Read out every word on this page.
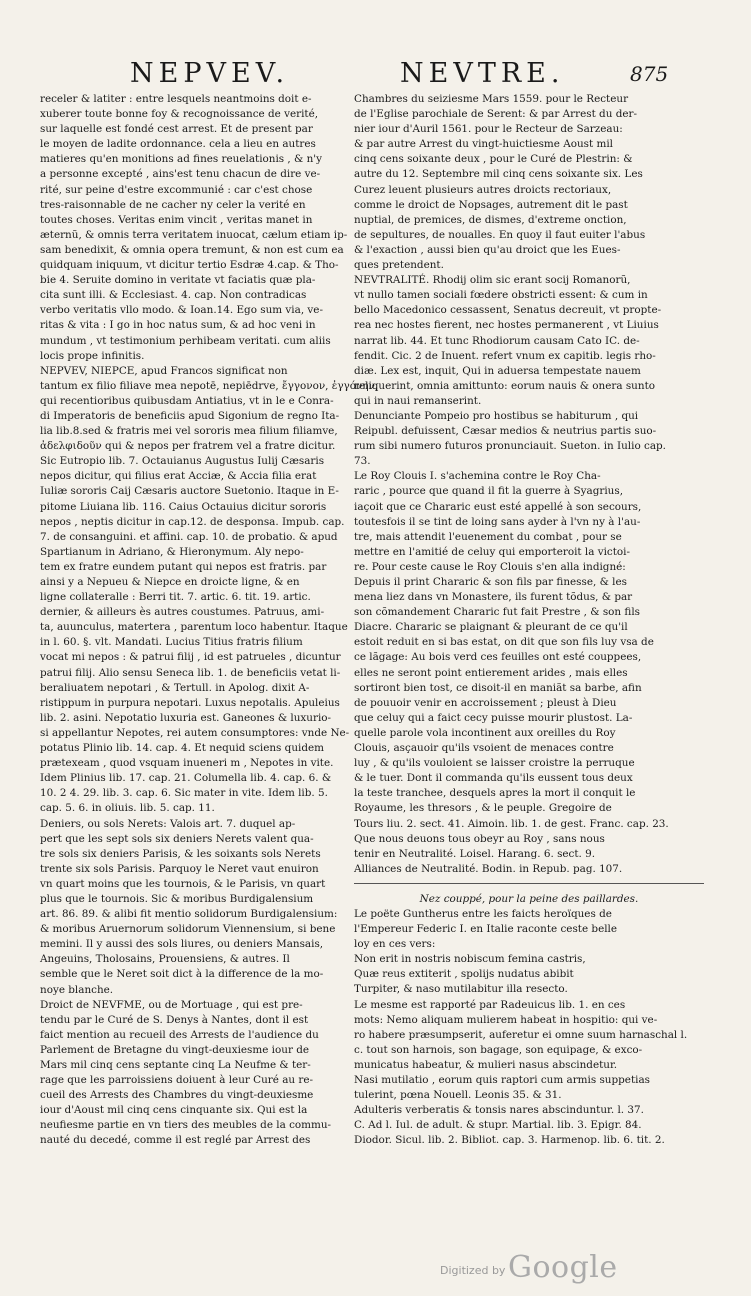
NEPVEV.	NEVTRE.	875
receler & latiter : entre lesquels neantmoins doit e-
xuberer toute bonne foy & recognoissance de verité,
sur laquelle est fondé cest arrest. Et de present par
le moyen de ladite ordonnance. cela a lieu en autres
matieres qu'en monitions ad fines reuelationis , & n'y
a personne excepté , ains'est tenu chacun de dire ve-
rité, sur peine d'estre excommunié : car c'est chose
tres-raisonnable de ne cacher ny celer la verité en
toutes choses. Veritas enim vincit , veritas manet in
æternũ, & omnis terra veritatem inuocat, cælum etiam ip-
sam benedixit, & omnia opera tremunt, & non est cum ea
quidquam iniquum, vt dicitur tertio Esdræ 4.cap. & Tho-
bie 4. Seruite domino in veritate vt faciatis quæ pla-
cita sunt illi. & Ecclesiast. 4. cap. Non contradicas
verbo veritatis vllo modo. & Ioan.14. Ego sum via, ve-
ritas & vita : I go in hoc natus sum, & ad hoc veni in
mundum , vt testimonium perhibeam veritati. cum aliis
locis prope infinitis.
NEPVEV, NIEPCE, apud Francos significat non
tantum ex filio filiave mea nepotē, nepiēdrve, ἔγγονον, ἐγγόνην,
qui recentioribus quibusdam Antiatius, vt in le e Conra-
di Imperatoris de beneficiis apud Sigonium de regno Ita-
lia lib.8.sed & fratris mei vel sororis mea filium filiamve,
ἀδελφιδοῦν qui & nepos per fratrem vel a fratre dicitur.
Sic Eutropio lib. 7. Octauianus Augustus Iulij Cæsaris
nepos dicitur, qui filius erat Acciæ, & Accia filia erat
Iuliæ sororis Caij Cæsaris auctore Suetonio. Itaque in E-
pitome Liuiana lib. 116. Caius Octauius dicitur sororis
nepos , neptis dicitur in cap.12. de desponsa. Impub. cap.
7. de consanguini. et affini. cap. 10. de probatio. & apud
Spartianum in Adriano, & Hieronymum. Aly nepo-
tem ex fratre eundem putant qui nepos est fratris. par
ainsi y a Nepueu & Niepce en droicte ligne, & en
ligne collateralle : Berri tit. 7. artic. 6. tit. 19. artic.
dernier, & ailleurs ès autres coustumes. Patruus, ami-
ta, auunculus, matertera , parentum loco habentur. Itaque
in l. 60. §. vlt. Mandati. Lucius Titius fratris filium
vocat mi nepos : & patrui filij , id est patrueles , dicuntur
patrui filij. Alio sensu Seneca lib. 1. de beneficiis vetat li-
beraliuatem nepotari , & Tertull. in Apolog. dixit A-
ristippum in purpura nepotari. Luxus nepotalis. Apuleius
lib. 2. asini. Nepotatio luxuria est. Ganeones & luxurio-
si appellantur Nepotes, rei autem consumptores: vnde Ne-
potatus Plinio lib. 14. cap. 4. Et nequid sciens quidem
prætexeam , quod vsquam inueneri m , Nepotes in vite.
Idem Plinius lib. 17. cap. 21. Columella lib. 4. cap. 6. &
10. 2 4. 29. lib. 3. cap. 6. Sic mater in vite. Idem lib. 5.
cap. 5. 6. in oliuis. lib. 5. cap. 11.
Deniers, ou sols Nerets: Valois art. 7. duquel ap-
pert que les sept sols six deniers Nerets valent qua-
tre sols six deniers Parisis, & les soixants sols Nerets
trente six sols Parisis. Parquoy le Neret vaut enuiron
vn quart moins que les tournois, & le Parisis, vn quart
plus que le tournois. Sic & moribus Burdigalensium
art. 86. 89. & alibi fit mentio solidorum Burdigalensium:
& moribus Aruernorum solidorum Viennensium, si bene
memini. Il y aussi des sols liures, ou deniers Mansais,
Angeuins, Tholosains, Prouensiens, & autres. Il
semble que le Neret soit dict à la difference de la mo-
noye blanche.
Droict de NEVFME, ou de Mortuage , qui est pre-
tendu par le Curé de S. Denys à Nantes, dont il est
faict mention au recueil des Arrests de l'audience du
Parlement de Bretagne du vingt-deuxiesme iour de
Mars mil cinq cens septante cinq La Neufme & ter-
rage que les parroissiens doiuent à leur Curé au re-
cueil des Arrests des Chambres du vingt-deuxiesme
iour d'Aoust mil cinq cens cinquante six. Qui est la
neufiesme partie en vn tiers des meubles de la commu-
nauté du decedé, comme il est reglé par Arrest des
Chambres du seiziesme Mars 1559. pour le Recteur
de l'Eglise parochiale de Serent: & par Arrest du der-
nier iour d'Auril 1561. pour le Recteur de Sarzeau:
& par autre Arrest du vingt-huictiesme Aoust mil
cinq cens soixante deux , pour le Curé de Plestrin: &
autre du 12. Septembre mil cinq cens soixante six. Les
Curez leuent plusieurs autres droicts rectoriaux,
comme le droict de Nopsages, autrement dit le past
nuptial, de premices, de dismes, d'extreme onction,
de sepultures, de noualles. En quoy il faut euiter l'abus
& l'exaction , aussi bien qu'au droict que les Eues-
ques pretendent.
NEVTRALITÉ. Rhodij olim sic erant socij Romanorũ,
vt nullo tamen sociali fœdere obstricti essent: & cum in
bello Macedonico cessassent, Senatus decreuit, vt propte-
rea nec hostes fierent, nec hostes permanerent , vt Liuius
narrat lib. 44. Et tunc Rhodiorum causam Cato IC. de-
fendit. Cic. 2 de Inuent. refert vnum ex capitib. legis rho-
diæ. Lex est, inquit, Qui in aduersa tempestate nauem
reliquerint, omnia amittunto: eorum nauis & onera sunto
qui in naui remanserint.
Denunciante Pompeio pro hostibus se habiturum , qui
Reipubl. defuissent, Cæsar medios & neutrius partis suo-
rum sibi numero futuros pronunciauit. Sueton. in Iulio cap.
73.
Le Roy Clouis I. s'achemina contre le Roy Cha-
raric , pource que quand il fit la guerre à Syagrius,
iaçoit que ce Chararic eust esté appellé à son secours,
toutesfois il se tint de loing sans ayder à l'vn ny à l'au-
tre, mais attendit l'euenement du combat , pour se
mettre en l'amitié de celuy qui emporteroit la victoi-
re. Pour ceste cause le Roy Clouis s'en alla indigné:
Depuis il print Chararic & son fils par finesse, & les
mena liez dans vn Monastere, ils furent tõdus, & par
son cõmandement Chararic fut fait Prestre , & son fils
Diacre. Chararic se plaignant & pleurant de ce qu'il
estoit reduit en si bas estat, on dit que son fils luy vsa de
ce lãgage: Au bois verd ces feuilles ont esté couppees,
elles ne seront point entierement arides , mais elles
sortiront bien tost, ce disoit-il en maniãt sa barbe, afin
de pouuoir venir en accroissement ; pleust à Dieu
que celuy qui a faict cecy puisse mourir plustost. La-
quelle parole vola incontinent aux oreilles du Roy
Clouis, asçauoir qu'ils vsoient de menaces contre
luy , & qu'ils vouloient se laisser croistre la perruque
& le tuer. Dont il commanda qu'ils eussent tous deux
la teste tranchee, desquels apres la mort il conquit le
Royaume, les thresors , & le peuple. Gregoire de
Tours liu. 2. sect. 41. Aimoin. lib. 1. de gest. Franc. cap. 23.
Que nous deuons tous obeyr au Roy , sans nous
tenir en Neutralité. Loisel. Harang. 6. sect. 9.
Alliances de Neutralité. Bodin. in Repub. pag. 107.
Nez couppé, pour la peine des paillardes.
Le poëte Guntherus entre les faicts heroïques de
l'Empereur Federic I. en Italie raconte ceste belle
loy en ces vers:
Non erit in nostris nobiscum femina castris,
Quæ reus extiterit , spolijs nudatus abibit
Turpiter, & naso mutilabitur illa resecto.
Le mesme est rapporté par Radeuicus lib. 1. en ces
mots: Nemo aliquam mulierem habeat in hospitio: qui ve-
ro habere præsumpserit, auferetur ei omne suum harnaschal l.
c. tout son harnois, son bagage, son equipage, & exco-
municatus habeatur, & mulieri nasus abscindetur.
Nasi mutilatio , eorum quis raptori cum armis suppetias
tulerint, pœna Nouell. Leonis 35. & 31.
Adulteris verberatis & tonsis nares abscinduntur. l. 37.
C. Ad l. Iul. de adult. & stupr. Martial. lib. 3. Epigr. 84.
Diodor. Sicul. lib. 2. Bibliot. cap. 3. Harmenop. lib. 6. tit. 2.
Digitized by Google
